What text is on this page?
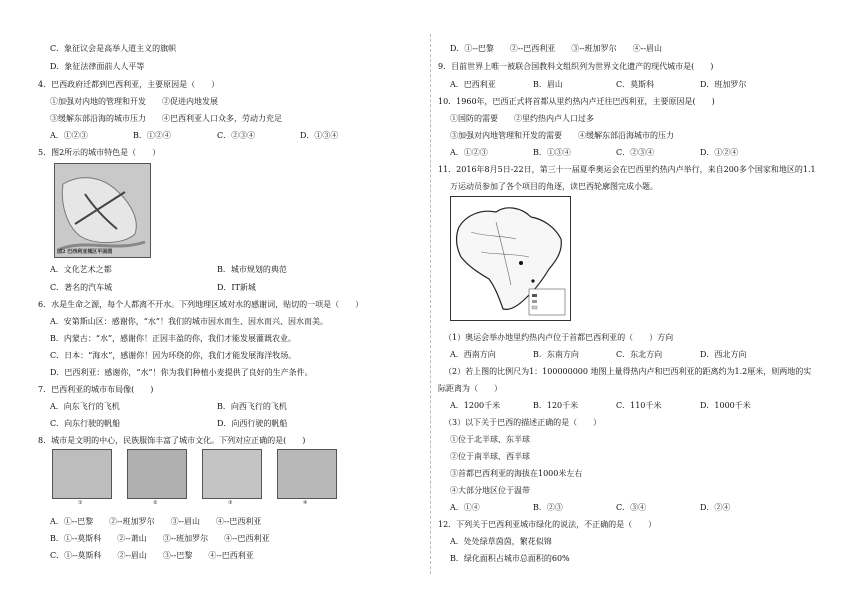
C．象征议会是高举人道主义的旗帜
D．象征法律面前人人平等
4．巴西政府迁都到巴西利亚，主要原因是（　　）
①加强对内地的管理和开发　　②促进内地发展
③缓解东部沿海的城市压力　　④巴西利亚人口众多，劳动力充足
A．①②③	B．①②④	C．②③④	D．①③④
5．图2所示的城市特色是（　　）
图2 巴西利亚城区平面图
A．文化艺术之都	B．城市规划的典范
C．著名的汽车城	D．IT新城
6．水是生命之源，每个人都离不开水。下列地理区域对水的感谢词，贴切的一项是（　　）
A．安第斯山区：感谢你，“水”！我们的城市因水而生、因水而兴、因水而美。
B．内蒙古：“水”，感谢你！正因丰盈的你，我们才能发展灌溉农业。
C．日本：“海水”，感谢你！因为环绕的你，我们才能发展海洋牧场。
D．巴西利亚：感谢你，“水”！你为我们种植小麦提供了良好的生产条件。
7．巴西利亚的城市布局像(　　)
A．向东飞行的飞机	B．向西飞行的飞机
C．向东行驶的帆船	D．向西行驶的帆船
8．城市是文明的中心，民族服饰丰富了城市文化。下列对应正确的是(　　)
①	②	③	④
A．①--巴黎　　②--班加罗尔　　③--眉山　　④--巴西利亚
B．①--莫斯科　　②--萧山　　③--班加罗尔　　④--巴西利亚
C．①--莫斯科　　②--眉山　　③--巴黎　　④--巴西利亚
D．①--巴黎　　②--巴西利亚　　③--班加罗尔　　④--眉山
9．目前世界上唯一被联合国教科文组织列为世界文化遗产的现代城市是(　　)
A．巴西利亚	B．眉山	C．莫斯科	D．班加罗尔
10．1960年，巴西正式将首都从里约热内卢迁往巴西利亚，主要原因是(　　)
①国防的需要　　②里约热内卢人口过多
③加强对内地管理和开发的需要　　④缓解东部沿海城市的压力
A．①②③	B．①③④	C．②③④	D．①②④
11．2016年8月5日-22日，第三十一届夏季奥运会在巴西里约热内卢举行，来自200多个国家和地区的1.1
万运动员参加了各个项目的角逐，读巴西轮廓图完成小题。
（1）奥运会举办地里约热内卢位于首都巴西利亚的（　　）方向
A．西南方向	B．东南方向	C．东北方向	D．西北方向
（2）若上图的比例尺为1：100000000 地图上量得热内卢和巴西利亚的距离约为1.2厘米，则两地的实
际距离为（　　）
A．1200千米	B．120千米	C．110千米	D．1000千米
（3）以下关于巴西的描述正确的是（　　）
①位于北半球、东半球
②位于南半球、西半球
③首都巴西利亚的海拔在1000米左右
④大部分地区位于温带
A．①④	B．②③	C．③④	D．②④
12．下列关于巴西利亚城市绿化的说法，不正确的是（　　）
A．处处绿草茵茵，繁花似锦
B．绿化面积占城市总面积的60%
